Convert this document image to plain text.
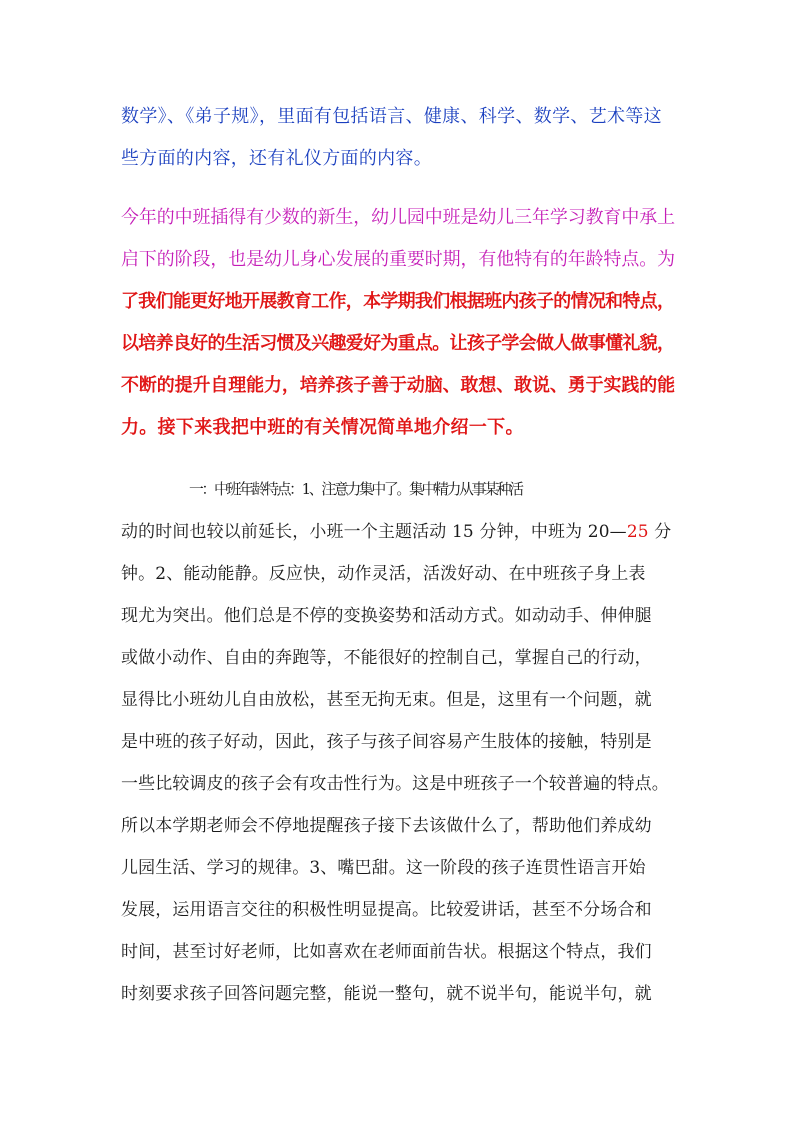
数学》、《弟子规》，里面有包括语言、健康、科学、数学、艺术等这
些方面的内容，还有礼仪方面的内容。
今年的中班插得有少数的新生，幼儿园中班是幼儿三年学习教育中承上
启下的阶段，也是幼儿身心发展的重要时期，有他特有的年龄特点。为
了我们能更好地开展教育工作，本学期我们根据班内孩子的情况和特点，
以培养良好的生活习惯及兴趣爱好为重点。让孩子学会做人做事懂礼貌，
不断的提升自理能力，培养孩子善于动脑、敢想、敢说、勇于实践的能
力。接下来我把中班的有关情况简单地介绍一下。
一：中班年龄特点：1、注意力集中了。集中精力从事某种活
动的时间也较以前延长，小班一个主题活动 15 分钟，中班为 20—25 分
钟。2、能动能静。反应快，动作灵活，活泼好动、在中班孩子身上表
现尤为突出。他们总是不停的变换姿势和活动方式。如动动手、伸伸腿
或做小动作、自由的奔跑等，不能很好的控制自己，掌握自己的行动，
显得比小班幼儿自由放松，甚至无拘无束。但是，这里有一个问题，就
是中班的孩子好动，因此，孩子与孩子间容易产生肢体的接触，特别是
一些比较调皮的孩子会有攻击性行为。这是中班孩子一个较普遍的特点。
所以本学期老师会不停地提醒孩子接下去该做什么了，帮助他们养成幼
儿园生活、学习的规律。3、嘴巴甜。这一阶段的孩子连贯性语言开始
发展，运用语言交往的积极性明显提高。比较爱讲话，甚至不分场合和
时间，甚至讨好老师，比如喜欢在老师面前告状。根据这个特点，我们
时刻要求孩子回答问题完整，能说一整句，就不说半句，能说半句，就
